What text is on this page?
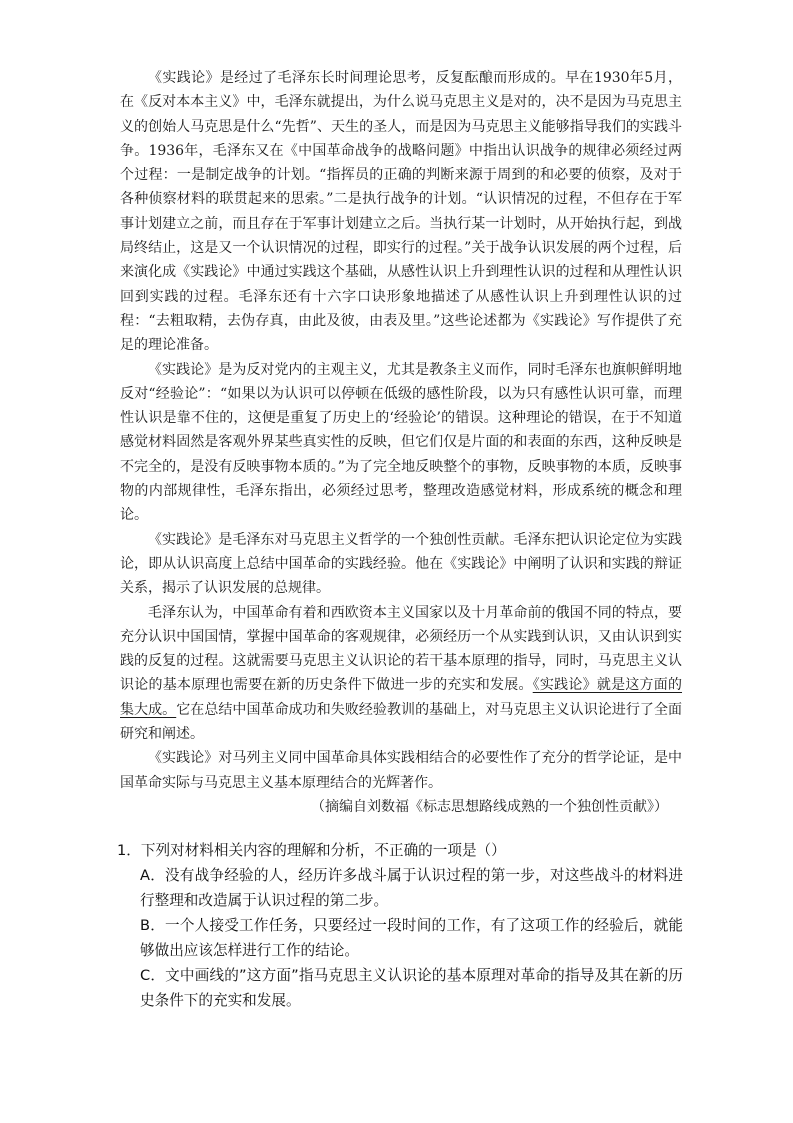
《实践论》是经过了毛泽东长时间理论思考，反复酝酿而形成的。早在1930年5月，在《反对本本主义》中，毛泽东就提出，为什么说马克思主义是对的，决不是因为马克思主义的创始人马克思是什么“先哲”、天生的圣人，而是因为马克思主义能够指导我们的实践斗争。1936年，毛泽东又在《中国革命战争的战略问题》中指出认识战争的规律必须经过两个过程：一是制定战争的计划。“指挥员的正确的判断来源于周到的和必要的侦察，及对于各种侦察材料的联贯起来的思索。”二是执行战争的计划。“认识情况的过程，不但存在于军事计划建立之前，而且存在于军事计划建立之后。当执行某一计划时，从开始执行起，到战局终结止，这是又一个认识情况的过程，即实行的过程。”关于战争认识发展的两个过程，后来演化成《实践论》中通过实践这个基础，从感性认识上升到理性认识的过程和从理性认识回到实践的过程。毛泽东还有十六字口诀形象地描述了从感性认识上升到理性认识的过程：“去粗取精，去伪存真，由此及彼，由表及里。”这些论述都为《实践论》写作提供了充足的理论准备。

《实践论》是为反对党内的主观主义，尤其是教条主义而作，同时毛泽东也旗帜鲜明地反对“经验论”：“如果以为认识可以停顿在低级的感性阶段，以为只有感性认识可靠，而理性认识是靠不住的，这便是重复了历史上的‘经验论’的错误。这种理论的错误，在于不知道感觉材料固然是客观外界某些真实性的反映，但它们仅是片面的和表面的东西，这种反映是不完全的，是没有反映事物本质的。”为了完全地反映整个的事物，反映事物的本质，反映事物的内部规律性，毛泽东指出，必须经过思考，整理改造感觉材料，形成系统的概念和理论。

《实践论》是毛泽东对马克思主义哲学的一个独创性贡献。毛泽东把认识论定位为实践论，即从认识高度上总结中国革命的实践经验。他在《实践论》中阐明了认识和实践的辩证关系，揭示了认识发展的总规律。

毛泽东认为，中国革命有着和西欧资本主义国家以及十月革命前的俄国不同的特点，要充分认识中国国情，掌握中国革命的客观规律，必须经历一个从实践到认识，又由认识到实践的反复的过程。这就需要马克思主义认识论的若干基本原理的指导，同时，马克思主义认识论的基本原理也需要在新的历史条件下做进一步的充实和发展。《实践论》就是这方面的集大成。它在总结中国革命成功和失败经验教训的基础上，对马克思主义认识论进行了全面研究和阐述。

《实践论》对马列主义同中国革命具体实践相结合的必要性作了充分的哲学论证，是中国革命实际与马克思主义基本原理结合的光辉著作。

（摘编自刘数福《标志思想路线成熟的一个独创性贡献》）

1．下列对材料相关内容的理解和分析，不正确的一项是（）

A．没有战争经验的人，经历许多战斗属于认识过程的第一步，对这些战斗的材料进行整理和改造属于认识过程的第二步。

B．一个人接受工作任务，只要经过一段时间的工作，有了这项工作的经验后，就能够做出应该怎样进行工作的结论。

C．文中画线的”这方面”指马克思主义认识论的基本原理对革命的指导及其在新的历史条件下的充实和发展。
